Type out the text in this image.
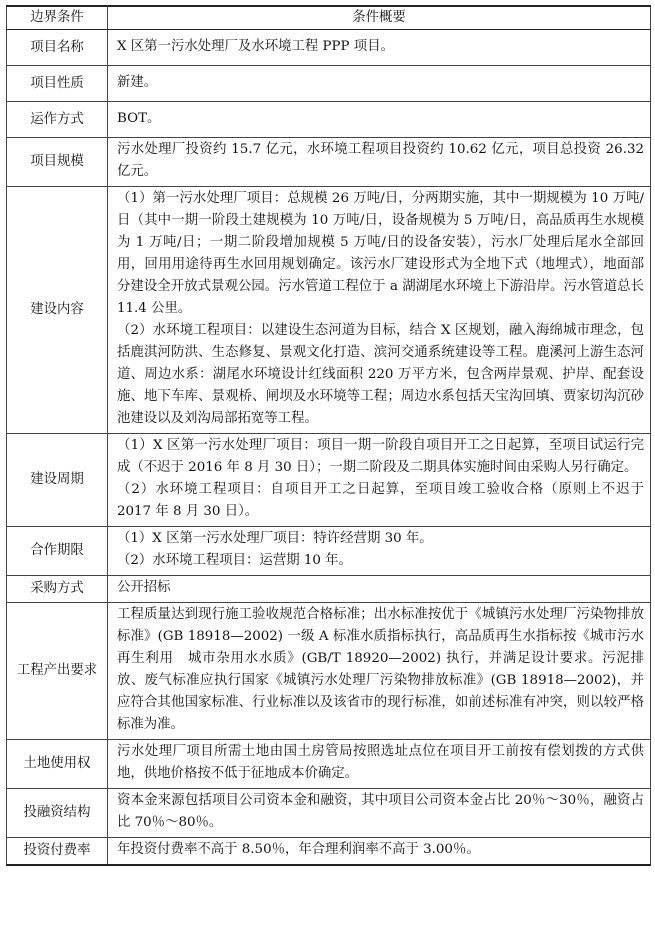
边界条件	条件概要
项目名称	X 区第一污水处理厂及水环境工程 PPP 项目。

项目性质	新建。

运作方式	BOT。

项目规模	污水处理厂投资约 15.7 亿元，水环境工程项目投资约 10.62 亿元，项目总投资 26.32 亿元。

建设内容	（1）第一污水处理厂项目：总规模 26 万吨/日，分两期实施，其中一期规模为 10 万吨/日（其中一期一阶段土建规模为 10 万吨/日，设备规模为 5 万吨/日，高品质再生水规模为 1 万吨/日；一期二阶段增加规模 5 万吨/日的设备安装），污水厂处理后尾水全部回用，回用用途待再生水回用规划确定。该污水厂建设形式为全地下式（地埋式），地面部分建设全开放式景观公园。污水管道工程位于 a 湖湖尾水环境上下游沿岸。污水管道总长 11.4 公里。
（2）水环境工程项目：以建设生态河道为目标，结合 X 区规划，融入海绵城市理念，包括鹿淇河防洪、生态修复、景观文化打造、滨河交通系统建设等工程。鹿溪河上游生态河道、周边水系：湖尾水环境设计红线面积 220 万平方米，包含两岸景观、护岸、配套设施、地下车库、景观桥、闸坝及水环境等工程；周边水系包括天宝沟回填、贾家切沟沉砂池建设以及刘沟局部拓宽等工程。

建设周期	（1）X 区第一污水处理厂项目：项目一期一阶段自项目开工之日起算，至项目试运行完成（不迟于 2016 年 8 月 30 日）；一期二阶段及二期具体实施时间由采购人另行确定。
（2）水环境工程项目：自项目开工之日起算，至项目竣工验收合格（原则上不迟于 2017 年 8 月 30 日）。

合作期限	（1）X 区第一污水处理厂项目：特许经营期 30 年。
（2）水环境工程项目：运营期 10 年。

采购方式	公开招标

工程产出要求	工程质量达到现行施工验收规范合格标准；出水标准按优于《城镇污水处理厂污染物排放标准》(GB 18918—2002) 一级 A 标准水质指标执行，高品质再生水指标按《城市污水再生利用　城市杂用水水质》(GB/T 18920—2002) 执行，并满足设计要求。污泥排放、废气标准应执行国家《城镇污水处理厂污染物排放标准》(GB 18918—2002)，并应符合其他国家标准、行业标准以及该省市的现行标准，如前述标准有冲突，则以较严格标准为准。

土地使用权	污水处理厂项目所需土地由国土房管局按照选址点位在项目开工前按有偿划拨的方式供地，供地价格按不低于征地成本价确定。

投融资结构	资本金来源包括项目公司资本金和融资，其中项目公司资本金占比 20％～30％，融资占比 70％～80％。

投资付费率	年投资付费率不高于 8.50％，年合理利润率不高于 3.00％。
